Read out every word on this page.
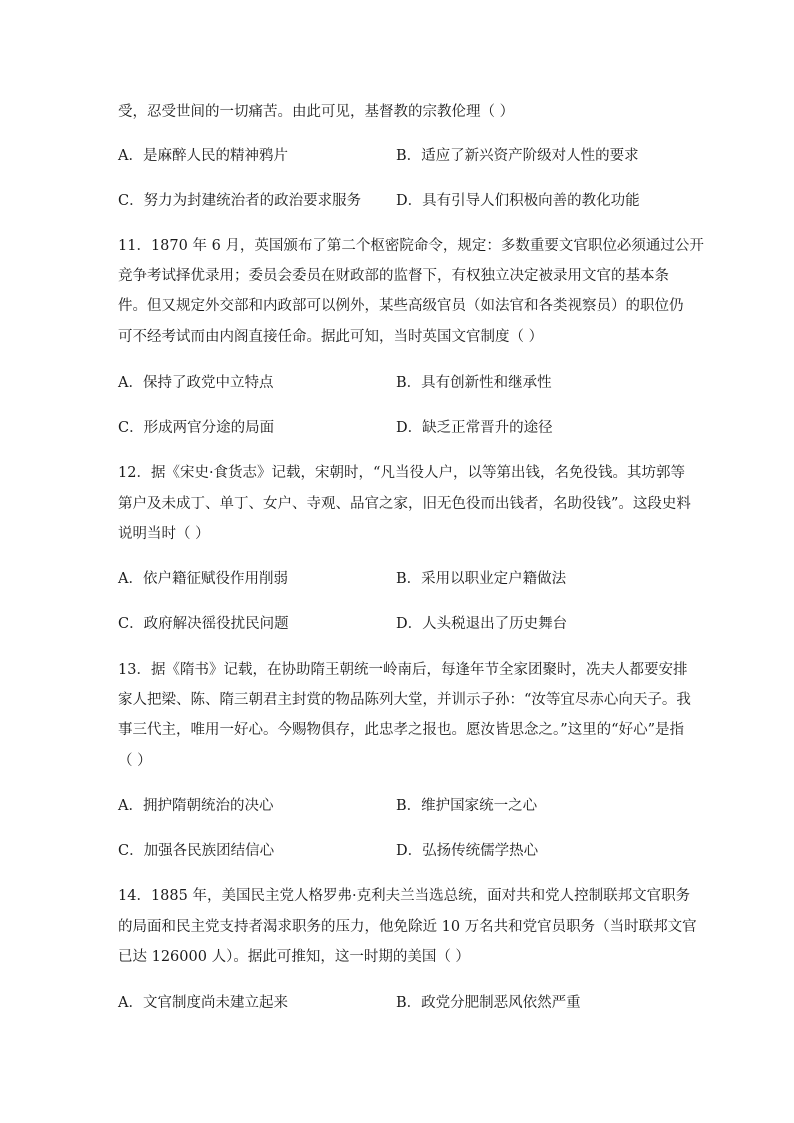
受，忍受世间的一切痛苦。由此可见，基督教的宗教伦理（ ）
A．是麻醉人民的精神鸦片	B．适应了新兴资产阶级对人性的要求
C．努力为封建统治者的政治要求服务 D．具有引导人们积极向善的教化功能
11．1870 年 6 月，英国颁布了第二个枢密院命令，规定：多数重要文官职位必须通过公开
竞争考试择优录用；委员会委员在财政部的监督下，有权独立决定被录用文官的基本条
件。但又规定外交部和内政部可以例外，某些高级官员（如法官和各类视察员）的职位仍
可不经考试而由内阁直接任命。据此可知，当时英国文官制度（ ）
A．保持了政党中立特点	B．具有创新性和继承性
C．形成两官分途的局面	D．缺乏正常晋升的途径
12．据《宋史·食货志》记载，宋朝时，“凡当役人户，以等第出钱，名免役钱。其坊郭等
第户及未成丁、单丁、女户、寺观、品官之家，旧无色役而出钱者，名助役钱”。这段史料
说明当时（ ）
A．依户籍征赋役作用削弱	B．采用以职业定户籍做法
C．政府解决徭役扰民问题	D．人头税退出了历史舞台
13．据《隋书》记载，在协助隋王朝统一岭南后，每逢年节全家团聚时，冼夫人都要安排
家人把梁、陈、隋三朝君主封赏的物品陈列大堂，并训示子孙：“汝等宜尽赤心向天子。我
事三代主，唯用一好心。今赐物俱存，此忠孝之报也。愿汝皆思念之。”这里的“好心”是指
（ ）
A．拥护隋朝统治的决心	B．维护国家统一之心
C．加强各民族团结信心	D．弘扬传统儒学热心
14．1885 年，美国民主党人格罗弗·克利夫兰当选总统，面对共和党人控制联邦文官职务
的局面和民主党支持者渴求职务的压力，他免除近 10 万名共和党官员职务（当时联邦文官
已达 126000 人）。据此可推知，这一时期的美国（ ）
A．文官制度尚未建立起来	B．政党分肥制恶风依然严重
